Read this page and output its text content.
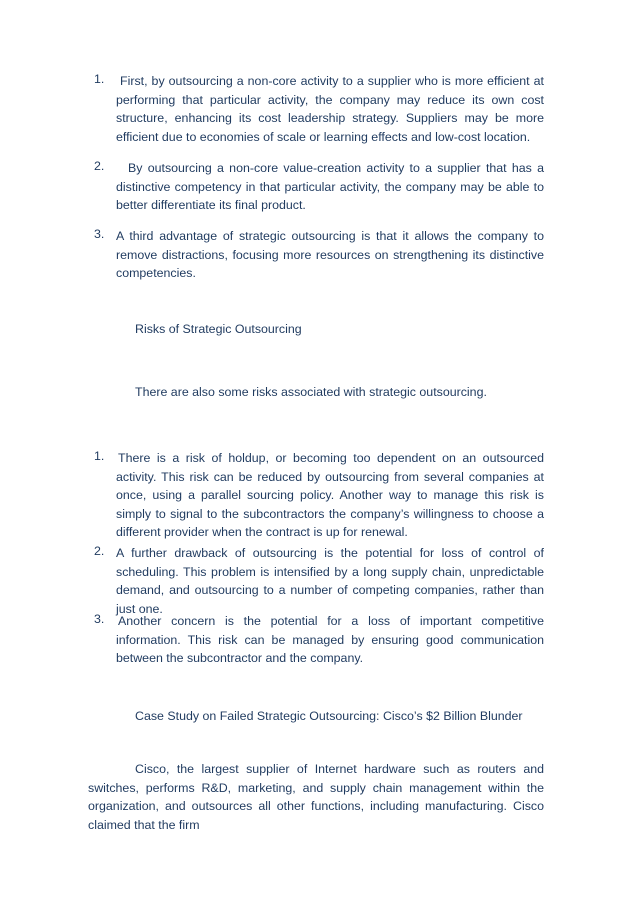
1.	First, by outsourcing a non-core activity to a supplier who is more efficient at performing that particular activity, the company may reduce its own cost structure, enhancing its cost leadership strategy. Suppliers may be more efficient due to economies of scale or learning effects and low-cost location.

2.	By outsourcing a non-core value-creation activity to a supplier that has a distinctive competency in that particular activity, the company may be able to better differentiate its final product.

3. A third advantage of strategic outsourcing is that it allows the company to remove distractions, focusing more resources on strengthening its distinctive competencies.

Risks of Strategic Outsourcing
There are also some risks associated with strategic outsourcing.
1. There is a risk of holdup, or becoming too dependent on an outsourced activity. This risk can be reduced by outsourcing from several companies at once, using a parallel sourcing policy. Another way to manage this risk is simply to signal to the subcontractors the company’s willingness to choose a different provider when the contract is up for renewal.

2. A further drawback of outsourcing is the potential for loss of control of scheduling. This problem is intensified by a long supply chain, unpredictable demand, and outsourcing to a number of competing companies, rather than just one.

3. Another concern is the potential for a loss of important competitive information. This risk can be managed by ensuring good communication between the subcontractor and the company.

Case Study on Failed Strategic Outsourcing: Cisco’s $2 Billion Blunder

Cisco, the largest supplier of Internet hardware such as routers and switches, performs R&D, marketing, and supply chain management within the organization, and outsources all other functions, including manufacturing. Cisco claimed that the firm
